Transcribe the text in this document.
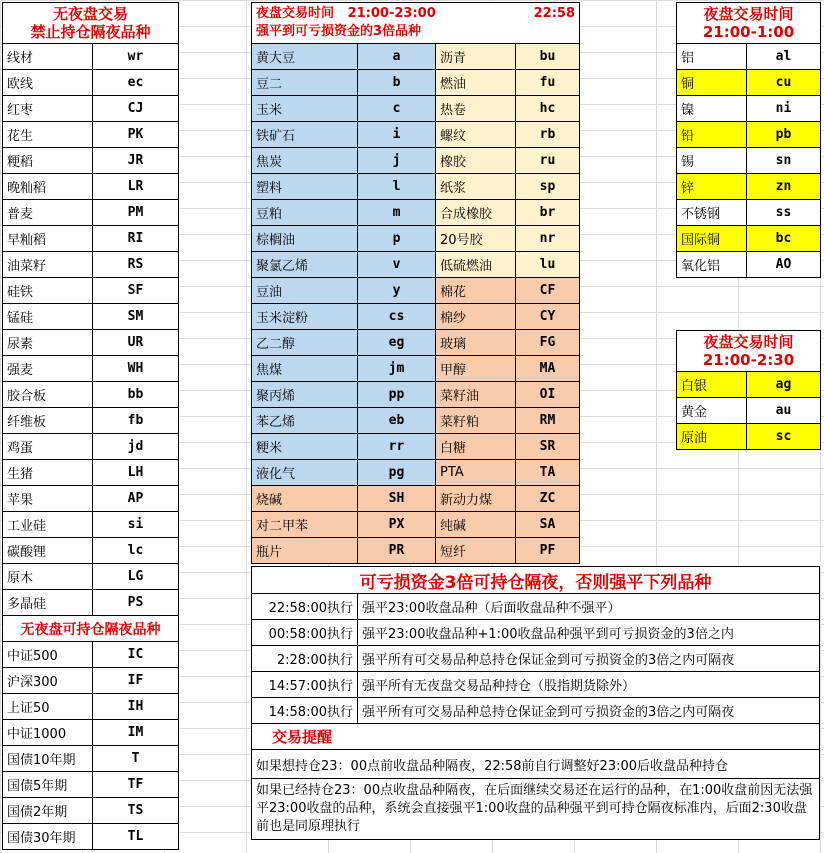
无夜盘交易
禁止持仓隔夜品种	

线材	wr
欧线	ec
红枣	CJ
花生	PK
粳稻	JR
晚籼稻	LR
普麦	PM
早籼稻	RI
油菜籽	RS
硅铁	SF
锰硅	SM
尿素	UR
强麦	WH
胶合板	bb
纤维板	fb
鸡蛋	jd
生猪	LH
苹果	AP
工业硅	si
碳酸锂	lc
原木	LG
多晶硅	PS
无夜盘可持仓隔夜品种	
中证500	IC
沪深300	IF
上证50	IH
中证1000	IM
国债10年期	T
国债5年期	TF
国债2年期	TS
国债30年期	TL
夜盘交易时间 21:00-23:00 22:58
强平到可亏损资金的3倍品种			

黄大豆	a	沥青	bu
豆二	b	燃油	fu
玉米	c	热卷	hc
铁矿石	i	螺纹	rb
焦炭	j	橡胶	ru
塑料	l	纸浆	sp
豆粕	m	合成橡胶	br
棕榈油	p	20号胶	nr
聚氯乙烯	v	低硫燃油	lu
豆油	y	棉花	CF
玉米淀粉	cs	棉纱	CY
乙二醇	eg	玻璃	FG
焦煤	jm	甲醇	MA
聚丙烯	pp	菜籽油	OI
苯乙烯	eb	菜籽粕	RM
粳米	rr	白糖	SR
液化气	pg	PTA	TA
烧碱	SH	新动力煤	ZC
对二甲苯	PX	纯碱	SA
瓶片	PR	短纤	PF
可亏损资金3倍可持仓隔夜，否则强平下列品种	
22:58:00执行	强平23:00收盘品种（后面收盘品种不强平）
00:58:00执行	强平23:00收盘品种+1:00收盘品种强平到可亏损资金的3倍之内
2:28:00执行	强平所有可交易品种总持仓保证金到可亏损资金的3倍之内可隔夜
14:57:00执行	强平所有无夜盘交易品种持仓（股指期货除外）
14:58:00执行	强平所有可交易品种总持仓保证金到可亏损资金的3倍之内可隔夜
交易提醒	
如果想持仓23：00点前收盘品种隔夜，22:58前自行调整好23:00后收盘品种持仓	
如果已经持仓23：00点收盘品种隔夜，在后面继续交易还在运行的品种，在1:00收盘前因无法强平23:00收盘的品种，系统会直接强平1:00收盘的品种强平到可持仓隔夜标准内，后面2:30收盘前也是同原理执行	
夜盘交易时间
21:00-1:00	

铝	al
铜	cu
镍	ni
铅	pb
锡	sn
锌	zn
不锈钢	ss
国际铜	bc
氧化铝	AO
夜盘交易时间
21:00-2:30	

白银	ag
黄金	au
原油	sc
